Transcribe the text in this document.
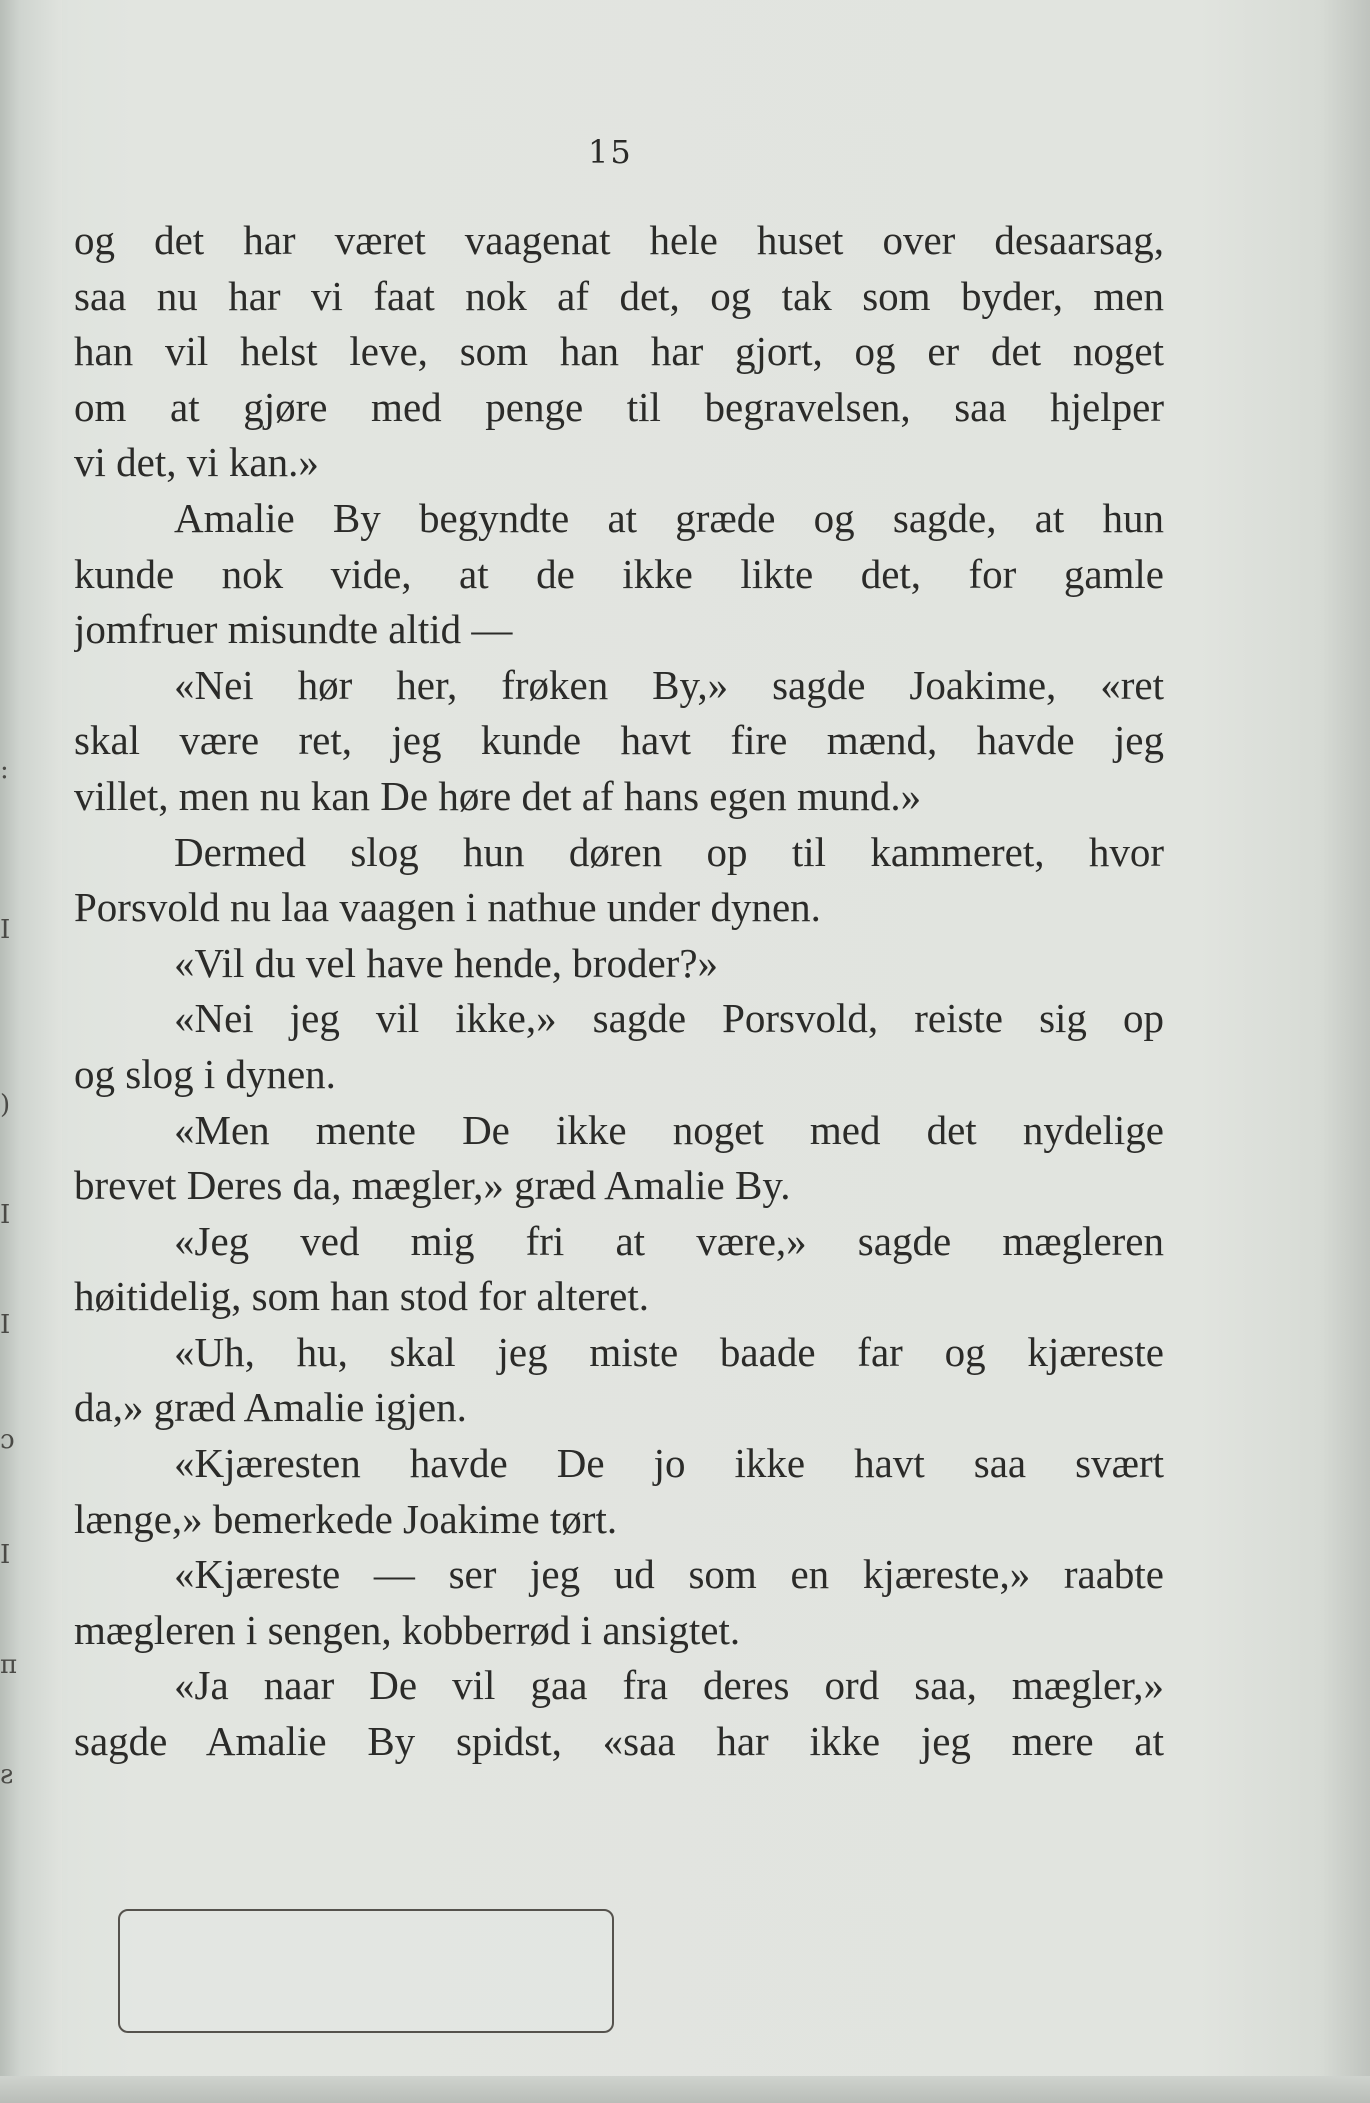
:
I
)
I
I
ɔ
I
π
ƨ
15
og det har været vaagenat hele huset over desaarsag,
saa nu har vi faat nok af det, og tak som byder, men
han vil helst leve, som han har gjort, og er det noget
om at gjøre med penge til begravelsen, saa hjelper
vi det, vi kan.»
Amalie By begyndte at græde og sagde, at hun
kunde nok vide, at de ikke likte det, for gamle
jomfruer misundte altid —
«Nei hør her, frøken By,» sagde Joakime, «ret
skal være ret, jeg kunde havt fire mænd, havde jeg
villet, men nu kan De høre det af hans egen mund.»
Dermed slog hun døren op til kammeret, hvor
Porsvold nu laa vaagen i nathue under dynen.
«Vil du vel have hende, broder?»
«Nei jeg vil ikke,» sagde Porsvold, reiste sig op
og slog i dynen.
«Men mente De ikke noget med det nydelige
brevet Deres da, mægler,» græd Amalie By.
«Jeg ved mig fri at være,» sagde mægleren
høitidelig, som han stod for alteret.
«Uh, hu, skal jeg miste baade far og kjæreste
da,» græd Amalie igjen.
«Kjæresten havde De jo ikke havt saa svært
længe,» bemerkede Joakime tørt.
«Kjæreste — ser jeg ud som en kjæreste,» raabte
mægleren i sengen, kobberrød i ansigtet.
«Ja naar De vil gaa fra deres ord saa, mægler,»
sagde Amalie By spidst, «saa har ikke jeg mere at
